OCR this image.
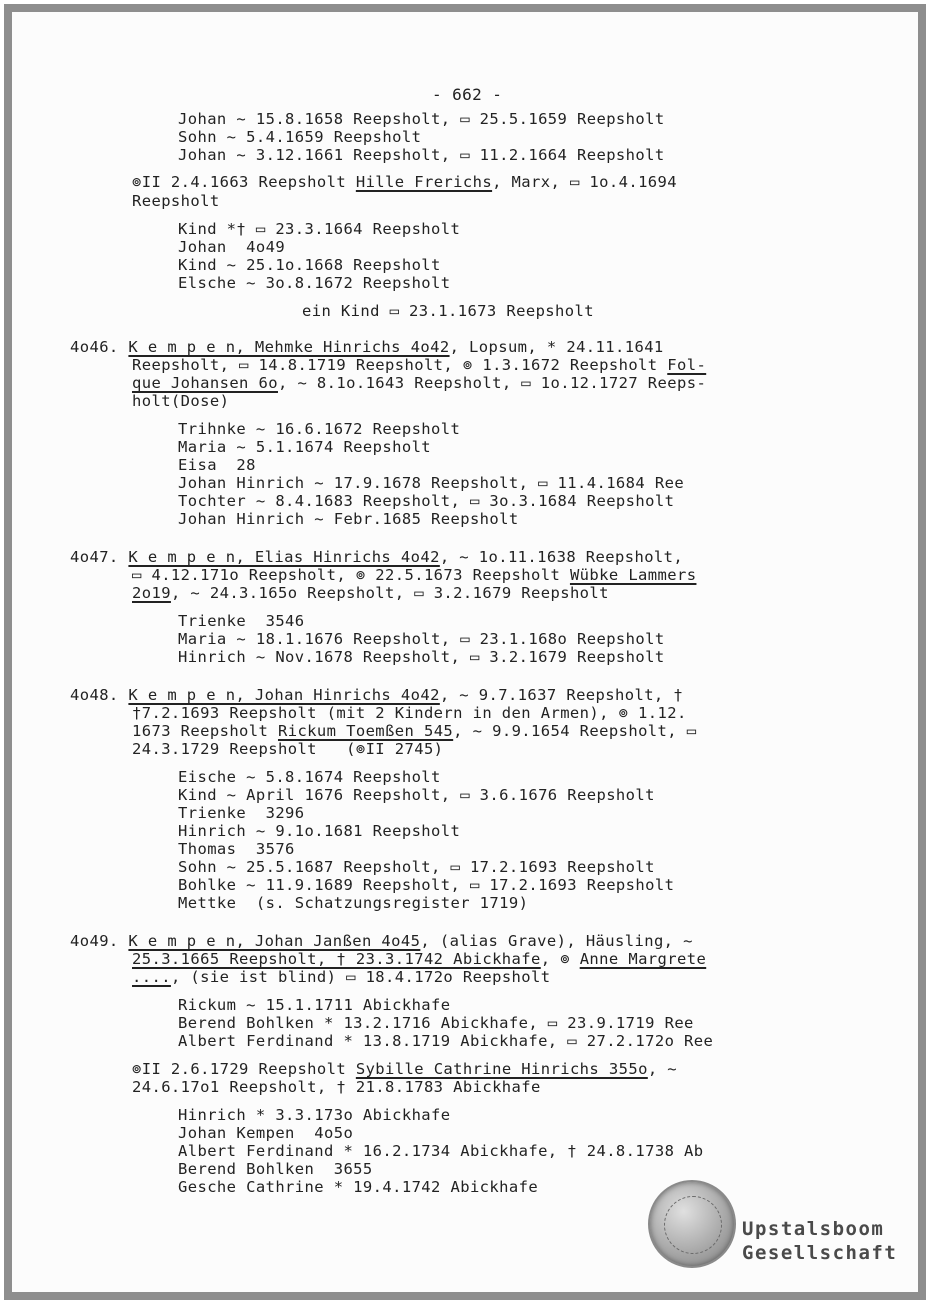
- 662 -
Johan ~ 15.8.1658 Reepsholt, ▭ 25.5.1659 Reepsholt
Sohn ~ 5.4.1659 Reepsholt
Johan ~ 3.12.1661 Reepsholt, ▭ 11.2.1664 Reepsholt
⊚II 2.4.1663 Reepsholt Hille Frerichs, Marx, ▭ 1o.4.1694
Reepsholt
Kind *† ▭ 23.3.1664 Reepsholt
Johan  4o49
Kind ~ 25.1o.1668 Reepsholt
Elsche ~ 3o.8.1672 Reepsholt
ein Kind ▭ 23.1.1673 Reepsholt
4o46. K e m p e n, Mehmke Hinrichs 4o42, Lopsum, * 24.11.1641
Reepsholt, ▭ 14.8.1719 Reepsholt, ⊚ 1.3.1672 Reepsholt Fol-
que Johansen 6o, ~ 8.1o.1643 Reepsholt, ▭ 1o.12.1727 Reeps-
holt(Dose)
Trihnke ~ 16.6.1672 Reepsholt
Maria ~ 5.1.1674 Reepsholt
Eisa  28
Johan Hinrich ~ 17.9.1678 Reepsholt, ▭ 11.4.1684 Ree
Tochter ~ 8.4.1683 Reepsholt, ▭ 3o.3.1684 Reepsholt
Johan Hinrich ~ Febr.1685 Reepsholt
4o47. K e m p e n, Elias Hinrichs 4o42, ~ 1o.11.1638 Reepsholt,
▭ 4.12.171o Reepsholt, ⊚ 22.5.1673 Reepsholt Wübke Lammers
2o19, ~ 24.3.165o Reepsholt, ▭ 3.2.1679 Reepsholt
Trienke  3546
Maria ~ 18.1.1676 Reepsholt, ▭ 23.1.168o Reepsholt
Hinrich ~ Nov.1678 Reepsholt, ▭ 3.2.1679 Reepsholt
4o48. K e m p e n, Johan Hinrichs 4o42, ~ 9.7.1637 Reepsholt, †
†7.2.1693 Reepsholt (mit 2 Kindern in den Armen), ⊚ 1.12.
1673 Reepsholt Rickum Toemßen 545, ~ 9.9.1654 Reepsholt, ▭
24.3.1729 Reepsholt   (⊚II 2745)
Eische ~ 5.8.1674 Reepsholt
Kind ~ April 1676 Reepsholt, ▭ 3.6.1676 Reepsholt
Trienke  3296
Hinrich ~ 9.1o.1681 Reepsholt
Thomas  3576
Sohn ~ 25.5.1687 Reepsholt, ▭ 17.2.1693 Reepsholt
Bohlke ~ 11.9.1689 Reepsholt, ▭ 17.2.1693 Reepsholt
Mettke  (s. Schatzungsregister 1719)
4o49. K e m p e n, Johan Janßen 4o45, (alias Grave), Häusling, ~
25.3.1665 Reepsholt, † 23.3.1742 Abickhafe, ⊚ Anne Margrete
...., (sie ist blind) ▭ 18.4.172o Reepsholt
Rickum ~ 15.1.1711 Abickhafe
Berend Bohlken * 13.2.1716 Abickhafe, ▭ 23.9.1719 Ree
Albert Ferdinand * 13.8.1719 Abickhafe, ▭ 27.2.172o Ree
⊚II 2.6.1729 Reepsholt Sybille Cathrine Hinrichs 355o, ~
24.6.17o1 Reepsholt, † 21.8.1783 Abickhafe
Hinrich * 3.3.173o Abickhafe
Johan Kempen  4o5o
Albert Ferdinand * 16.2.1734 Abickhafe, † 24.8.1738 Ab
Berend Bohlken  3655
Gesche Cathrine * 19.4.1742 Abickhafe
Upstalsboom
Gesellschaft
